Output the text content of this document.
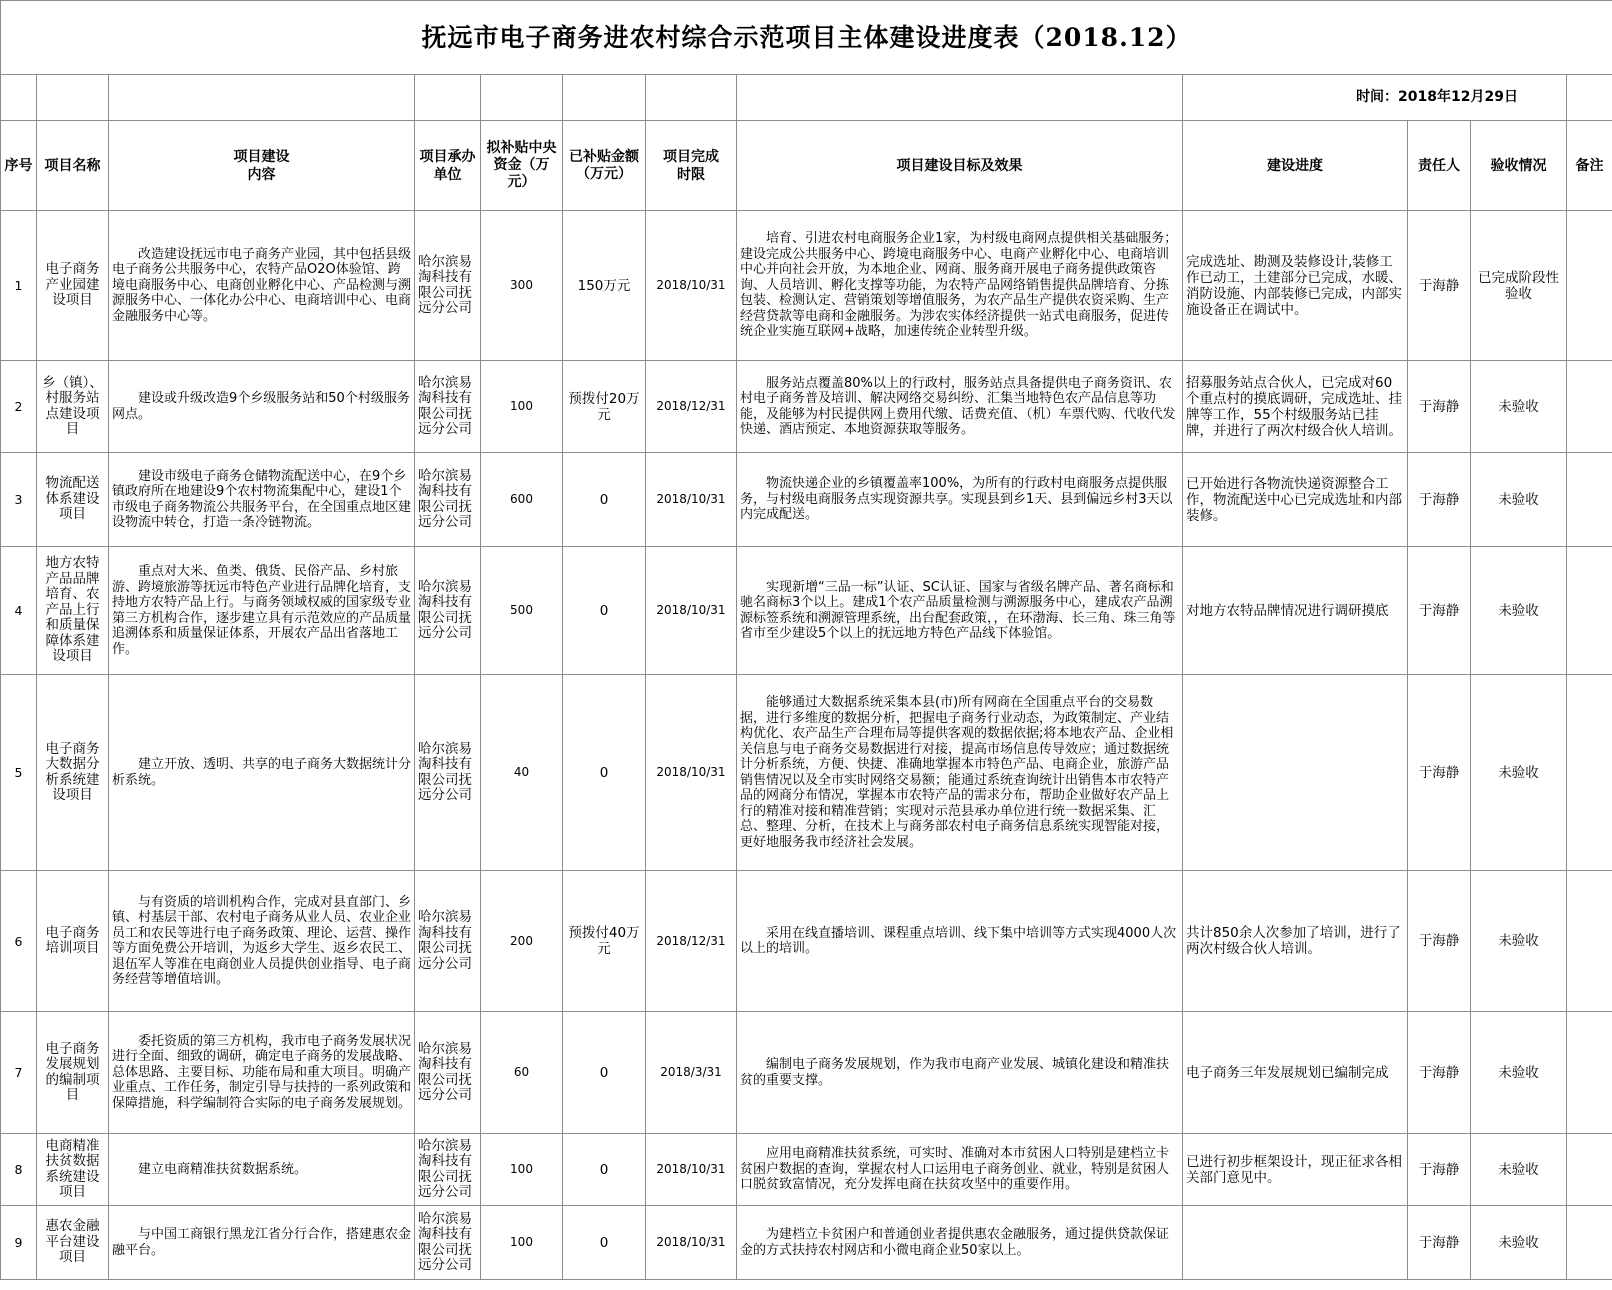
抚远市电子商务进农村综合示范项目主体建设进度表（2018.12）											
								时间：2018年12月29日			
序号	项目名称	项目建设内容	项目承办单位	拟补贴中央资金（万元）	已补贴金额（万元）	项目完成时限	项目建设目标及效果	建设进度	责任人	验收情况	备注
1	电子商务产业园建设项目	改造建设抚远市电子商务产业园，其中包括县级电子商务公共服务中心，农特产品O2O体验馆、跨境电商服务中心、电商创业孵化中心、产品检测与溯源服务中心、一体化办公中心、电商培训中心、电商金融服务中心等。	哈尔滨易淘科技有限公司抚远分公司	300	150万元	2018/10/31	培育、引进农村电商服务企业1家，为村级电商网点提供相关基础服务；建设完成公共服务中心、跨境电商服务中心、电商产业孵化中心、电商培训中心并向社会开放，为本地企业、网商、服务商开展电子商务提供政策咨询、人员培训、孵化支撑等功能，为农特产品网络销售提供品牌培育、分拣包装、检测认定、营销策划等增值服务，为农产品生产提供农资采购、生产经营贷款等电商和金融服务。为涉农实体经济提供一站式电商服务，促进传统企业实施互联网+战略，加速传统企业转型升级。	完成选址、勘测及装修设计,装修工作已动工，土建部分已完成，水暖、消防设施、内部装修已完成，内部实施设备正在调试中。	于海静	已完成阶段性验收	
2	乡（镇）、村服务站点建设项目	建设或升级改造9个乡级服务站和50个村级服务网点。	哈尔滨易淘科技有限公司抚远分公司	100	预拨付20万元	2018/12/31	服务站点覆盖80%以上的行政村，服务站点具备提供电子商务资讯、农村电子商务普及培训、解决网络交易纠纷、汇集当地特色农产品信息等功能，及能够为村民提供网上费用代缴、话费充值、（机）车票代购、代收代发快递、酒店预定、本地资源获取等服务。	招募服务站点合伙人，已完成对60个重点村的摸底调研，完成选址、挂牌等工作，55个村级服务站已挂牌，并进行了两次村级合伙人培训。	于海静	未验收	
3	物流配送体系建设项目	建设市级电子商务仓储物流配送中心，在9个乡镇政府所在地建设9个农村物流集配中心，建设1个市级电子商务物流公共服务平台，在全国重点地区建设物流中转仓，打造一条冷链物流。	哈尔滨易淘科技有限公司抚远分公司	600	0	2018/10/31	物流快递企业的乡镇覆盖率100%，为所有的行政村电商服务点提供服务，与村级电商服务点实现资源共享。实现县到乡1天、县到偏远乡村3天以内完成配送。	已开始进行各物流快递资源整合工作，物流配送中心已完成选址和内部装修。	于海静	未验收	
4	地方农特产品品牌培育、农产品上行和质量保障体系建设项目	重点对大米、鱼类、俄货、民俗产品、乡村旅游、跨境旅游等抚远市特色产业进行品牌化培育，支持地方农特产品上行。与商务领域权威的国家级专业第三方机构合作，逐步建立具有示范效应的产品质量追溯体系和质量保证体系，开展农产品出省落地工作。	哈尔滨易淘科技有限公司抚远分公司	500	0	2018/10/31	实现新增“三品一标”认证、SC认证、国家与省级名牌产品、著名商标和驰名商标3个以上。建成1个农产品质量检测与溯源服务中心，建成农产品溯源标签系统和溯源管理系统，出台配套政策，，在环渤海、长三角、珠三角等省市至少建设5个以上的抚远地方特色产品线下体验馆。	对地方农特品牌情况进行调研摸底	于海静	未验收	
5	电子商务大数据分析系统建设项目	建立开放、透明、共享的电子商务大数据统计分析系统。	哈尔滨易淘科技有限公司抚远分公司	40	0	2018/10/31	能够通过大数据系统采集本县(市)所有网商在全国重点平台的交易数据，进行多维度的数据分析，把握电子商务行业动态，为政策制定、产业结构优化、农产品生产合理布局等提供客观的数据依据;将本地农产品、企业相关信息与电子商务交易数据进行对接，提高市场信息传导效应；通过数据统计分析系统，方便、快捷、准确地掌握本市特色产品、电商企业，旅游产品销售情况以及全市实时网络交易额；能通过系统查询统计出销售本市农特产品的网商分布情况，掌握本市农特产品的需求分布，帮助企业做好农产品上行的精准对接和精准营销；实现对示范县承办单位进行统一数据采集、汇总、整理、分析，在技术上与商务部农村电子商务信息系统实现智能对接，更好地服务我市经济社会发展。		于海静	未验收	
6	电子商务培训项目	与有资质的培训机构合作，完成对县直部门、乡镇、村基层干部、农村电子商务从业人员、农业企业员工和农民等进行电子商务政策、理论、运营、操作等方面免费公开培训，为返乡大学生、返乡农民工、退伍军人等准在电商创业人员提供创业指导、电子商务经营等增值培训。	哈尔滨易淘科技有限公司抚远分公司	200	预拨付40万元	2018/12/31	采用在线直播培训、课程重点培训、线下集中培训等方式实现4000人次以上的培训。	共计850余人次参加了培训，进行了两次村级合伙人培训。	于海静	未验收	
7	电子商务发展规划的编制项目	委托资质的第三方机构，我市电子商务发展状况进行全面、细致的调研，确定电子商务的发展战略、总体思路、主要目标、功能布局和重大项目。明确产业重点、工作任务，制定引导与扶持的一系列政策和保障措施，科学编制符合实际的电子商务发展规划。	哈尔滨易淘科技有限公司抚远分公司	60	0	2018/3/31	编制电子商务发展规划，作为我市电商产业发展、城镇化建设和精准扶贫的重要支撑。	电子商务三年发展规划已编制完成	于海静	未验收	
8	电商精准扶贫数据系统建设项目	建立电商精准扶贫数据系统。	哈尔滨易淘科技有限公司抚远分公司	100	0	2018/10/31	应用电商精准扶贫系统，可实时、准确对本市贫困人口特别是建档立卡贫困户数据的查询，掌握农村人口运用电子商务创业、就业，特别是贫困人口脱贫致富情况，充分发挥电商在扶贫攻坚中的重要作用。	已进行初步框架设计，现正征求各相关部门意见中。	于海静	未验收	
9	惠农金融平台建设项目	与中国工商银行黑龙江省分行合作，搭建惠农金融平台。	哈尔滨易淘科技有限公司抚远分公司	100	0	2018/10/31	为建档立卡贫困户和普通创业者提供惠农金融服务，通过提供贷款保证金的方式扶持农村网店和小微电商企业50家以上。		于海静	未验收	
